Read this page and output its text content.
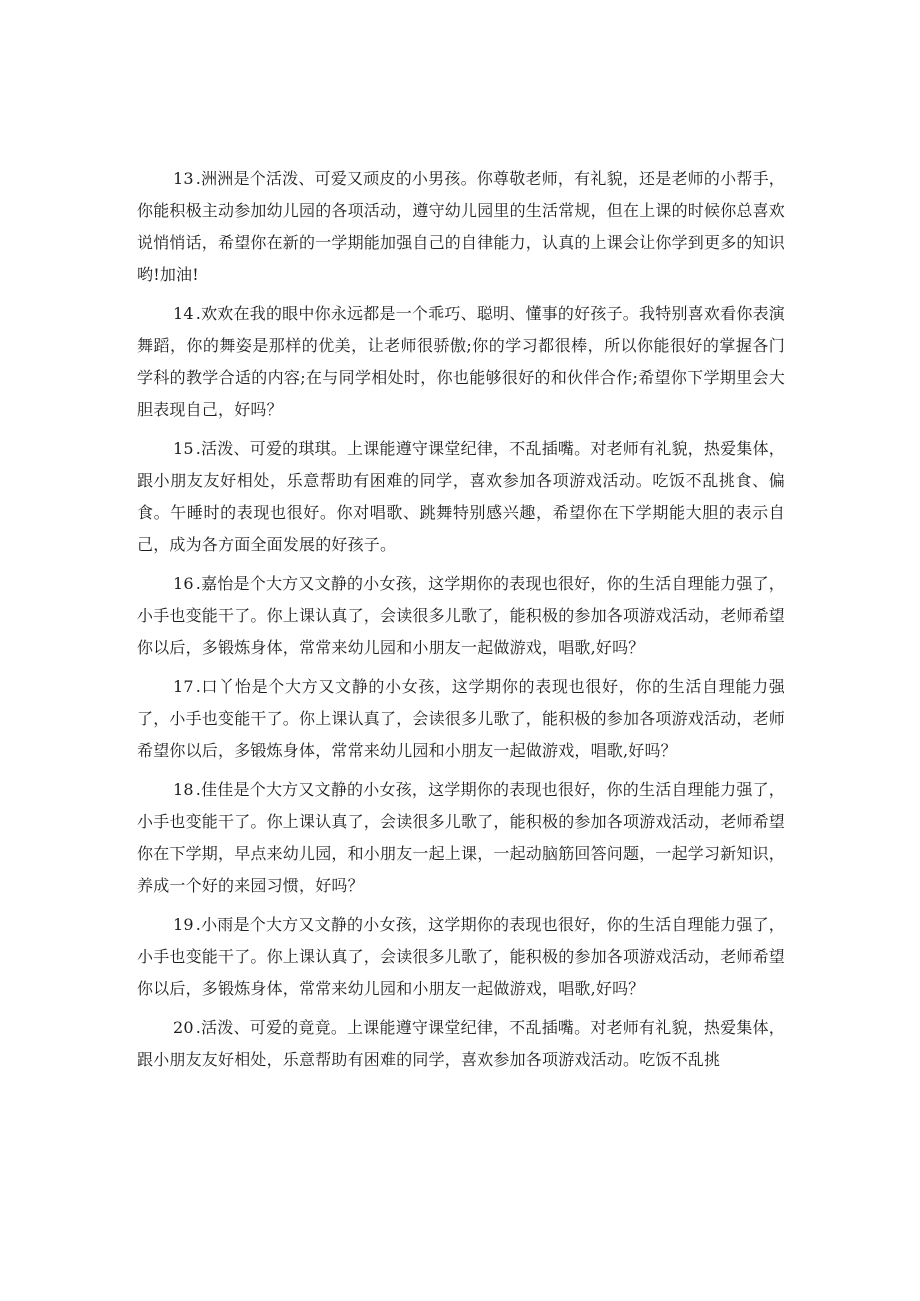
13 .洲洲是个活泼、可爱又顽皮的小男孩。你尊敬老师，有礼貌，还是老师的小帮手，你能积极主动参加幼儿园的各项活动，遵守幼儿园里的生活常规，但在上课的时候你总喜欢说悄悄话，希望你在新的一学期能加强自己的自律能力，认真的上课会让你学到更多的知识哟!加油!

14 .欢欢在我的眼中你永远都是一个乖巧、聪明、懂事的好孩子。我特别喜欢看你表演舞蹈，你的舞姿是那样的优美，让老师很骄傲;你的学习都很棒，所以你能很好的掌握各门学科的教学合适的内容;在与同学相处时，你也能够很好的和伙伴合作;希望你下学期里会大胆表现自己，好吗？

15 .活泼、可爱的琪琪。上课能遵守课堂纪律，不乱插嘴。对老师有礼貌，热爱集体，跟小朋友友好相处，乐意帮助有困难的同学，喜欢参加各项游戏活动。吃饭不乱挑食、偏食。午睡时的表现也很好。你对唱歌、跳舞特别感兴趣，希望你在下学期能大胆的表示自己，成为各方面全面发展的好孩子。

16 .嘉怡是个大方又文静的小女孩，这学期你的表现也很好，你的生活自理能力强了，小手也变能干了。你上课认真了，会读很多儿歌了，能积极的参加各项游戏活动，老师希望你以后，多锻炼身体，常常来幼儿园和小朋友一起做游戏，唱歌,好吗？

17 .口丫怡是个大方又文静的小女孩，这学期你的表现也很好，你的生活自理能力强了，小手也变能干了。你上课认真了，会读很多儿歌了，能积极的参加各项游戏活动，老师希望你以后，多锻炼身体，常常来幼儿园和小朋友一起做游戏，唱歌,好吗？

18 .佳佳是个大方又文静的小女孩，这学期你的表现也很好，你的生活自理能力强了，小手也变能干了。你上课认真了，会读很多儿歌了，能积极的参加各项游戏活动，老师希望你在下学期，早点来幼儿园，和小朋友一起上课，一起动脑筋回答问题，一起学习新知识，养成一个好的来园习惯，好吗？

19 .小雨是个大方又文静的小女孩，这学期你的表现也很好，你的生活自理能力强了，小手也变能干了。你上课认真了，会读很多儿歌了，能积极的参加各项游戏活动，老师希望你以后，多锻炼身体，常常来幼儿园和小朋友一起做游戏，唱歌,好吗？

20 .活泼、可爱的竟竟。上课能遵守课堂纪律，不乱插嘴。对老师有礼貌，热爱集体，跟小朋友友好相处，乐意帮助有困难的同学，喜欢参加各项游戏活动。吃饭不乱挑
